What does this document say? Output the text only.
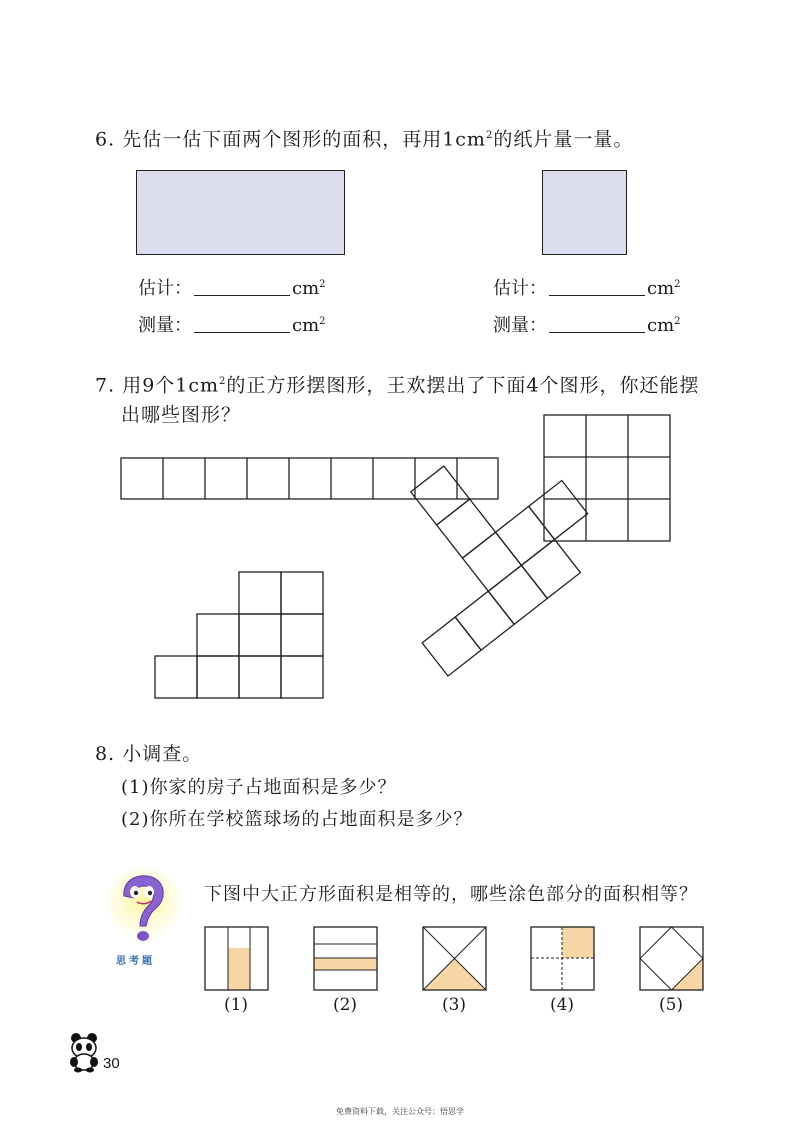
6. 先估一估下面两个图形的面积，再用$1cm^2$的纸片量一量。
估计：	$cm^2$
测量：	$cm^2$
估计：	$cm^2$
测量：	$cm^2$
7. 用9个$1cm^2$的正方形摆图形，王欢摆出了下面4个图形，你还能摆
出哪些图形？
8. 小调查。
(1)你家的房子占地面积是多少？
(2)你所在学校篮球场的占地面积是多少？
思考题
下图中大正方形面积是相等的，哪些涂色部分的面积相等？
(1)	(2)	(3)	(4)	(5)
30
免费资料下载，关注公众号：悟思学
